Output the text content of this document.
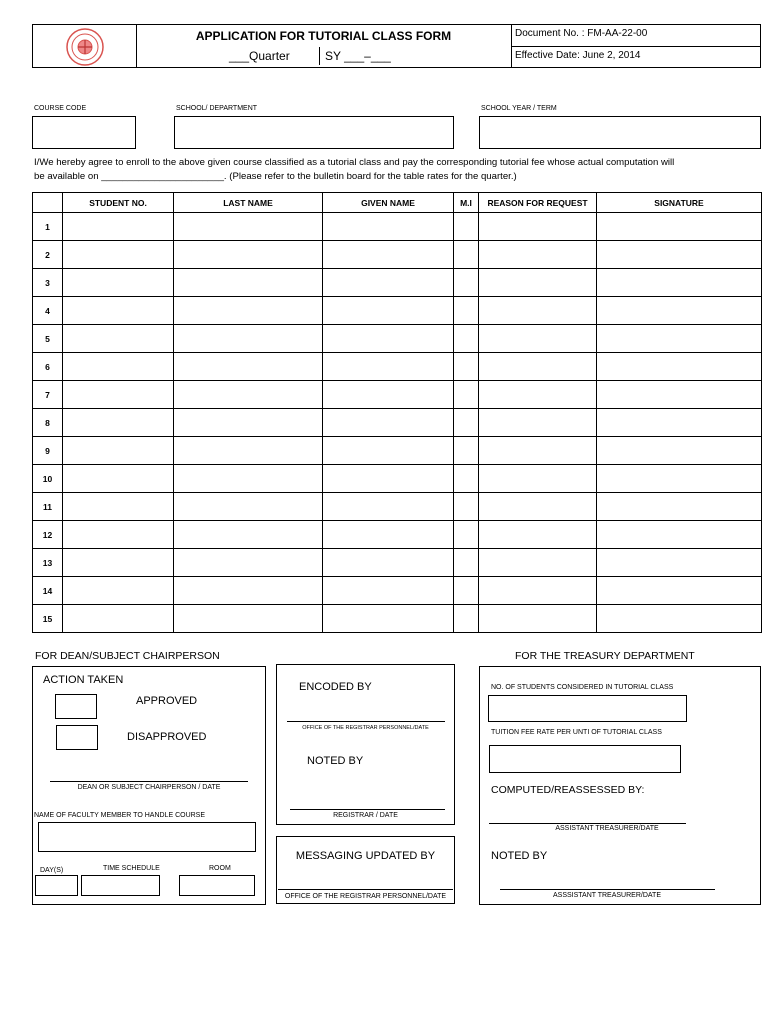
APPLICATION FOR TUTORIAL CLASS FORM
___Quarter	SY ___–___
Document No. : FM-AA-22-00
Effective Date: June 2, 2014
COURSE CODE	SCHOOL/ DEPARTMENT	SCHOOL YEAR / TERM
I/We hereby agree to enroll to the above given course classified as a tutorial class and pay the corresponding tutorial fee whose actual computation will
be available on _______________________. (Please refer to the bulletin board for the table rates for the quarter.)
	STUDENT NO.	LAST NAME	GIVEN NAME	M.I	REASON FOR REQUEST	SIGNATURE
1						
2						
3						
4						
5						
6						
7						
8						
9						
10						
11						
12						
13						
14						
15						
FOR DEAN/SUBJECT CHAIRPERSON
ACTION TAKEN
APPROVED
DISAPPROVED
DEAN OR SUBJECT CHAIRPERSON / DATE
NAME OF FACULTY MEMBER TO HANDLE COURSE
DAY(S)	TIME SCHEDULE	ROOM
ENCODED BY
OFFICE OF THE REGISTRAR PERSONNEL/DATE
NOTED BY
REGISTRAR / DATE
MESSAGING UPDATED BY
OFFICE OF THE REGISTRAR PERSONNEL/DATE
FOR THE TREASURY DEPARTMENT
NO. OF STUDENTS CONSIDERED IN TUTORIAL CLASS
TUITION FEE RATE PER UNTI OF TUTORIAL CLASS
COMPUTED/REASSESSED BY:
ASSISTANT TREASURER/DATE
NOTED BY
ASSSISTANT TREASURER/DATE
